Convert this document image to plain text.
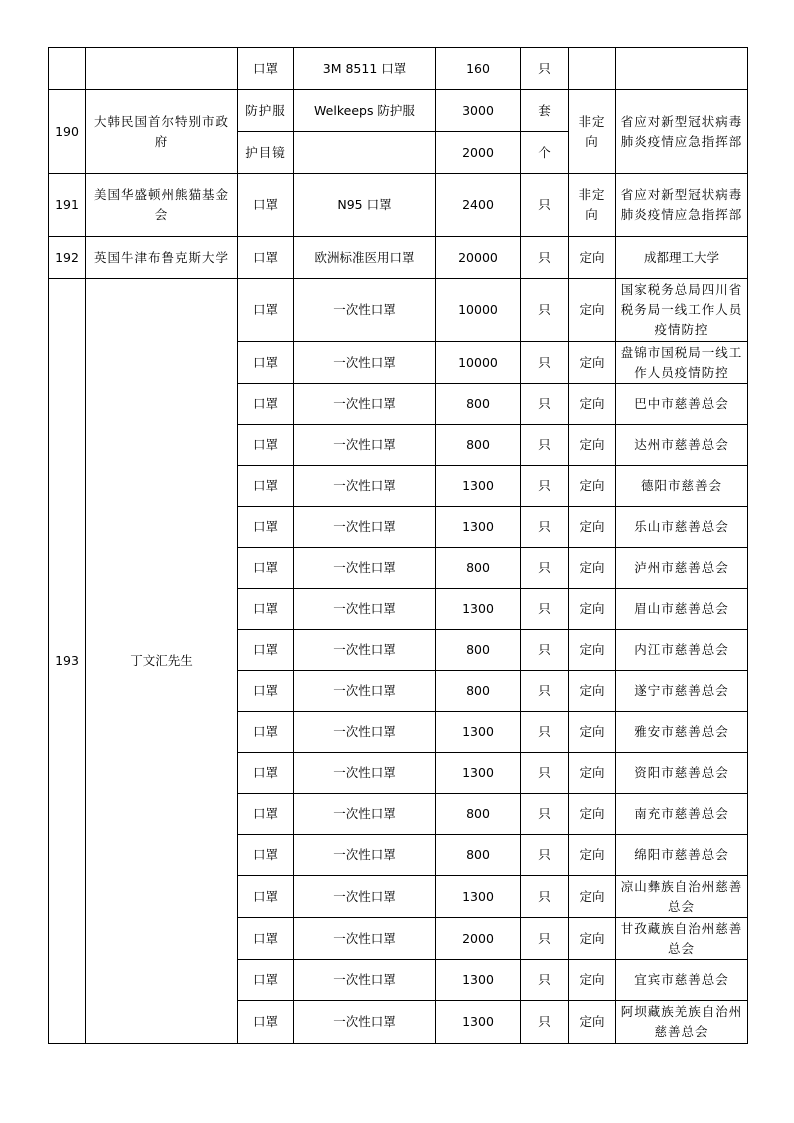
		口罩	3M 8511 口罩	160	只		
190	大韩民国首尔特别市政府	防护服	Welkeeps 防护服	3000	套	非定向	省应对新型冠状病毒肺炎疫情应急指挥部
		护目镜		2000	个		
191	美国华盛顿州熊猫基金会	口罩	N95 口罩	2400	只	非定向	省应对新型冠状病毒肺炎疫情应急指挥部
192	英国牛津布鲁克斯大学	口罩	欧洲标准医用口罩	20000	只	定向	成都理工大学
193	丁文汇先生	口罩	一次性口罩	10000	只	定向	国家税务总局四川省税务局一线工作人员疫情防控
		口罩	一次性口罩	10000	只	定向	盘锦市国税局一线工作人员疫情防控
		口罩	一次性口罩	800	只	定向	巴中市慈善总会
		口罩	一次性口罩	800	只	定向	达州市慈善总会
		口罩	一次性口罩	1300	只	定向	德阳市慈善会
		口罩	一次性口罩	1300	只	定向	乐山市慈善总会
		口罩	一次性口罩	800	只	定向	泸州市慈善总会
		口罩	一次性口罩	1300	只	定向	眉山市慈善总会
		口罩	一次性口罩	800	只	定向	内江市慈善总会
		口罩	一次性口罩	800	只	定向	遂宁市慈善总会
		口罩	一次性口罩	1300	只	定向	雅安市慈善总会
		口罩	一次性口罩	1300	只	定向	资阳市慈善总会
		口罩	一次性口罩	800	只	定向	南充市慈善总会
		口罩	一次性口罩	800	只	定向	绵阳市慈善总会
		口罩	一次性口罩	1300	只	定向	凉山彝族自治州慈善总会
		口罩	一次性口罩	2000	只	定向	甘孜藏族自治州慈善总会
		口罩	一次性口罩	1300	只	定向	宜宾市慈善总会
		口罩	一次性口罩	1300	只	定向	阿坝藏族羌族自治州慈善总会
